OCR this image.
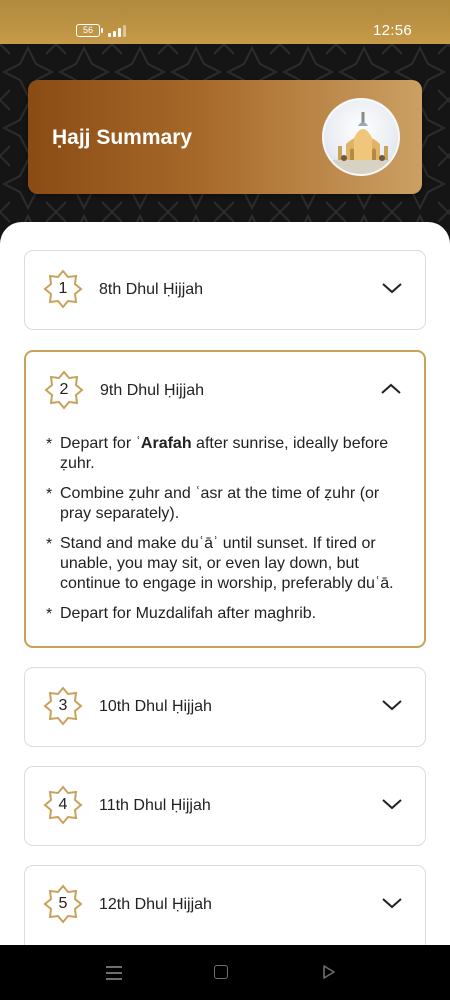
56	12:56
Ḥajj Summary
1	8th Dhul Ḥijjah
2	9th Dhul Ḥijjah
* Depart for ʿArafah after sunrise, ideally before ẓuhr.
* Combine ẓuhr and ʿasr at the time of ẓuhr (or pray separately).
* Stand and make duʿāʾ until sunset. If tired or unable, you may sit, or even lay down, but continue to engage in worship, preferably duʿā.
* Depart for Muzdalifah after maghrib.
3	10th Dhul Ḥijjah
4	11th Dhul Ḥijjah
5	12th Dhul Ḥijjah
